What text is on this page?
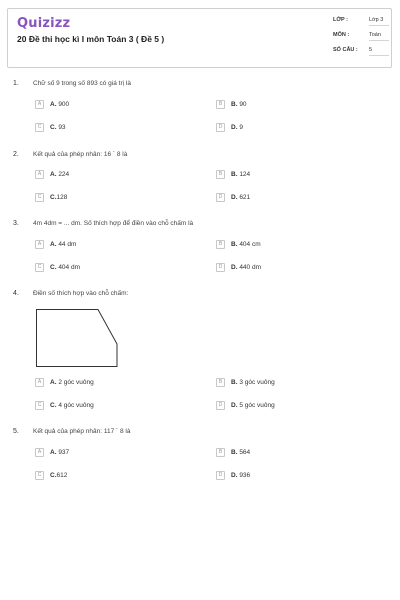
Quizizz
20 Đề thi học kì I môn Toán 3 ( Đề 5 )
LỚP :	Lớp 3
MÔN :	Toán
SỐ CÂU :	5
1. Chữ số 9 trong số 893 có giá trị là
A	A. 900	B	B. 90
C	C. 93	D	D. 9
2. Kết quả của phép nhân: 16 ´ 8 là
A	A. 224	B	B. 124
C	C.128	D	D. 621
3. 4m 4dm = ... dm. Số thích hợp để điền vào chỗ chấm là
A	A. 44 dm	B	B. 404 cm
C	C. 404 dm	D	D. 440 dm
4. Điền số thích hợp vào chỗ chấm:
A	A. 2 góc vuông	B	B. 3 góc vuông
C	C. 4 góc vuông	D	D. 5 góc vuông
5. Kết quả của phép nhân: 117 ´ 8 là
A	A. 937	B	B. 564
C	C.612	D	D. 936
